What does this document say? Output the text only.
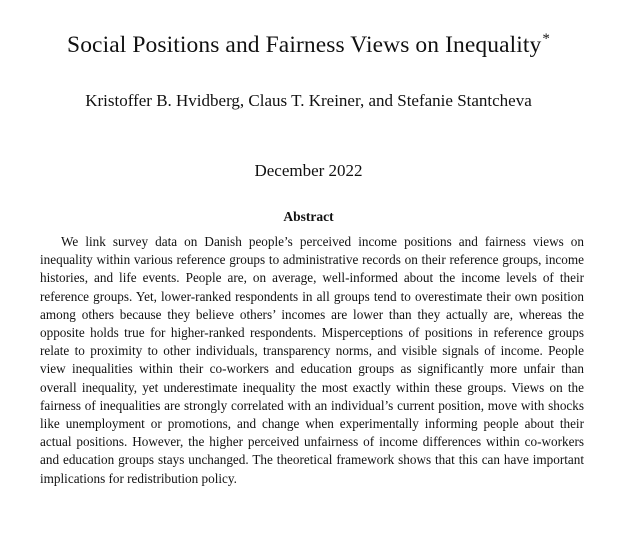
Social Positions and Fairness Views on Inequality*
Kristoffer B. Hvidberg, Claus T. Kreiner, and Stefanie Stantcheva
December 2022
Abstract
We link survey data on Danish people’s perceived income positions and fairness views on inequality within various reference groups to administrative records on their reference groups, income histories, and life events. People are, on average, well-informed about the income levels of their reference groups. Yet, lower-ranked respondents in all groups tend to overestimate their own position among others because they believe others’ incomes are lower than they actually are, whereas the opposite holds true for higher-ranked respondents. Misperceptions of positions in reference groups relate to proximity to other individuals, transparency norms, and visible signals of income. People view inequalities within their co-workers and education groups as significantly more unfair than overall inequality, yet underestimate inequality the most exactly within these groups. Views on the fairness of inequalities are strongly correlated with an individual’s current position, move with shocks like unemployment or promotions, and change when experimentally informing people about their actual positions. However, the higher perceived unfairness of income differences within co-workers and education groups stays unchanged. The theoretical framework shows that this can have important implications for redistribution policy.
